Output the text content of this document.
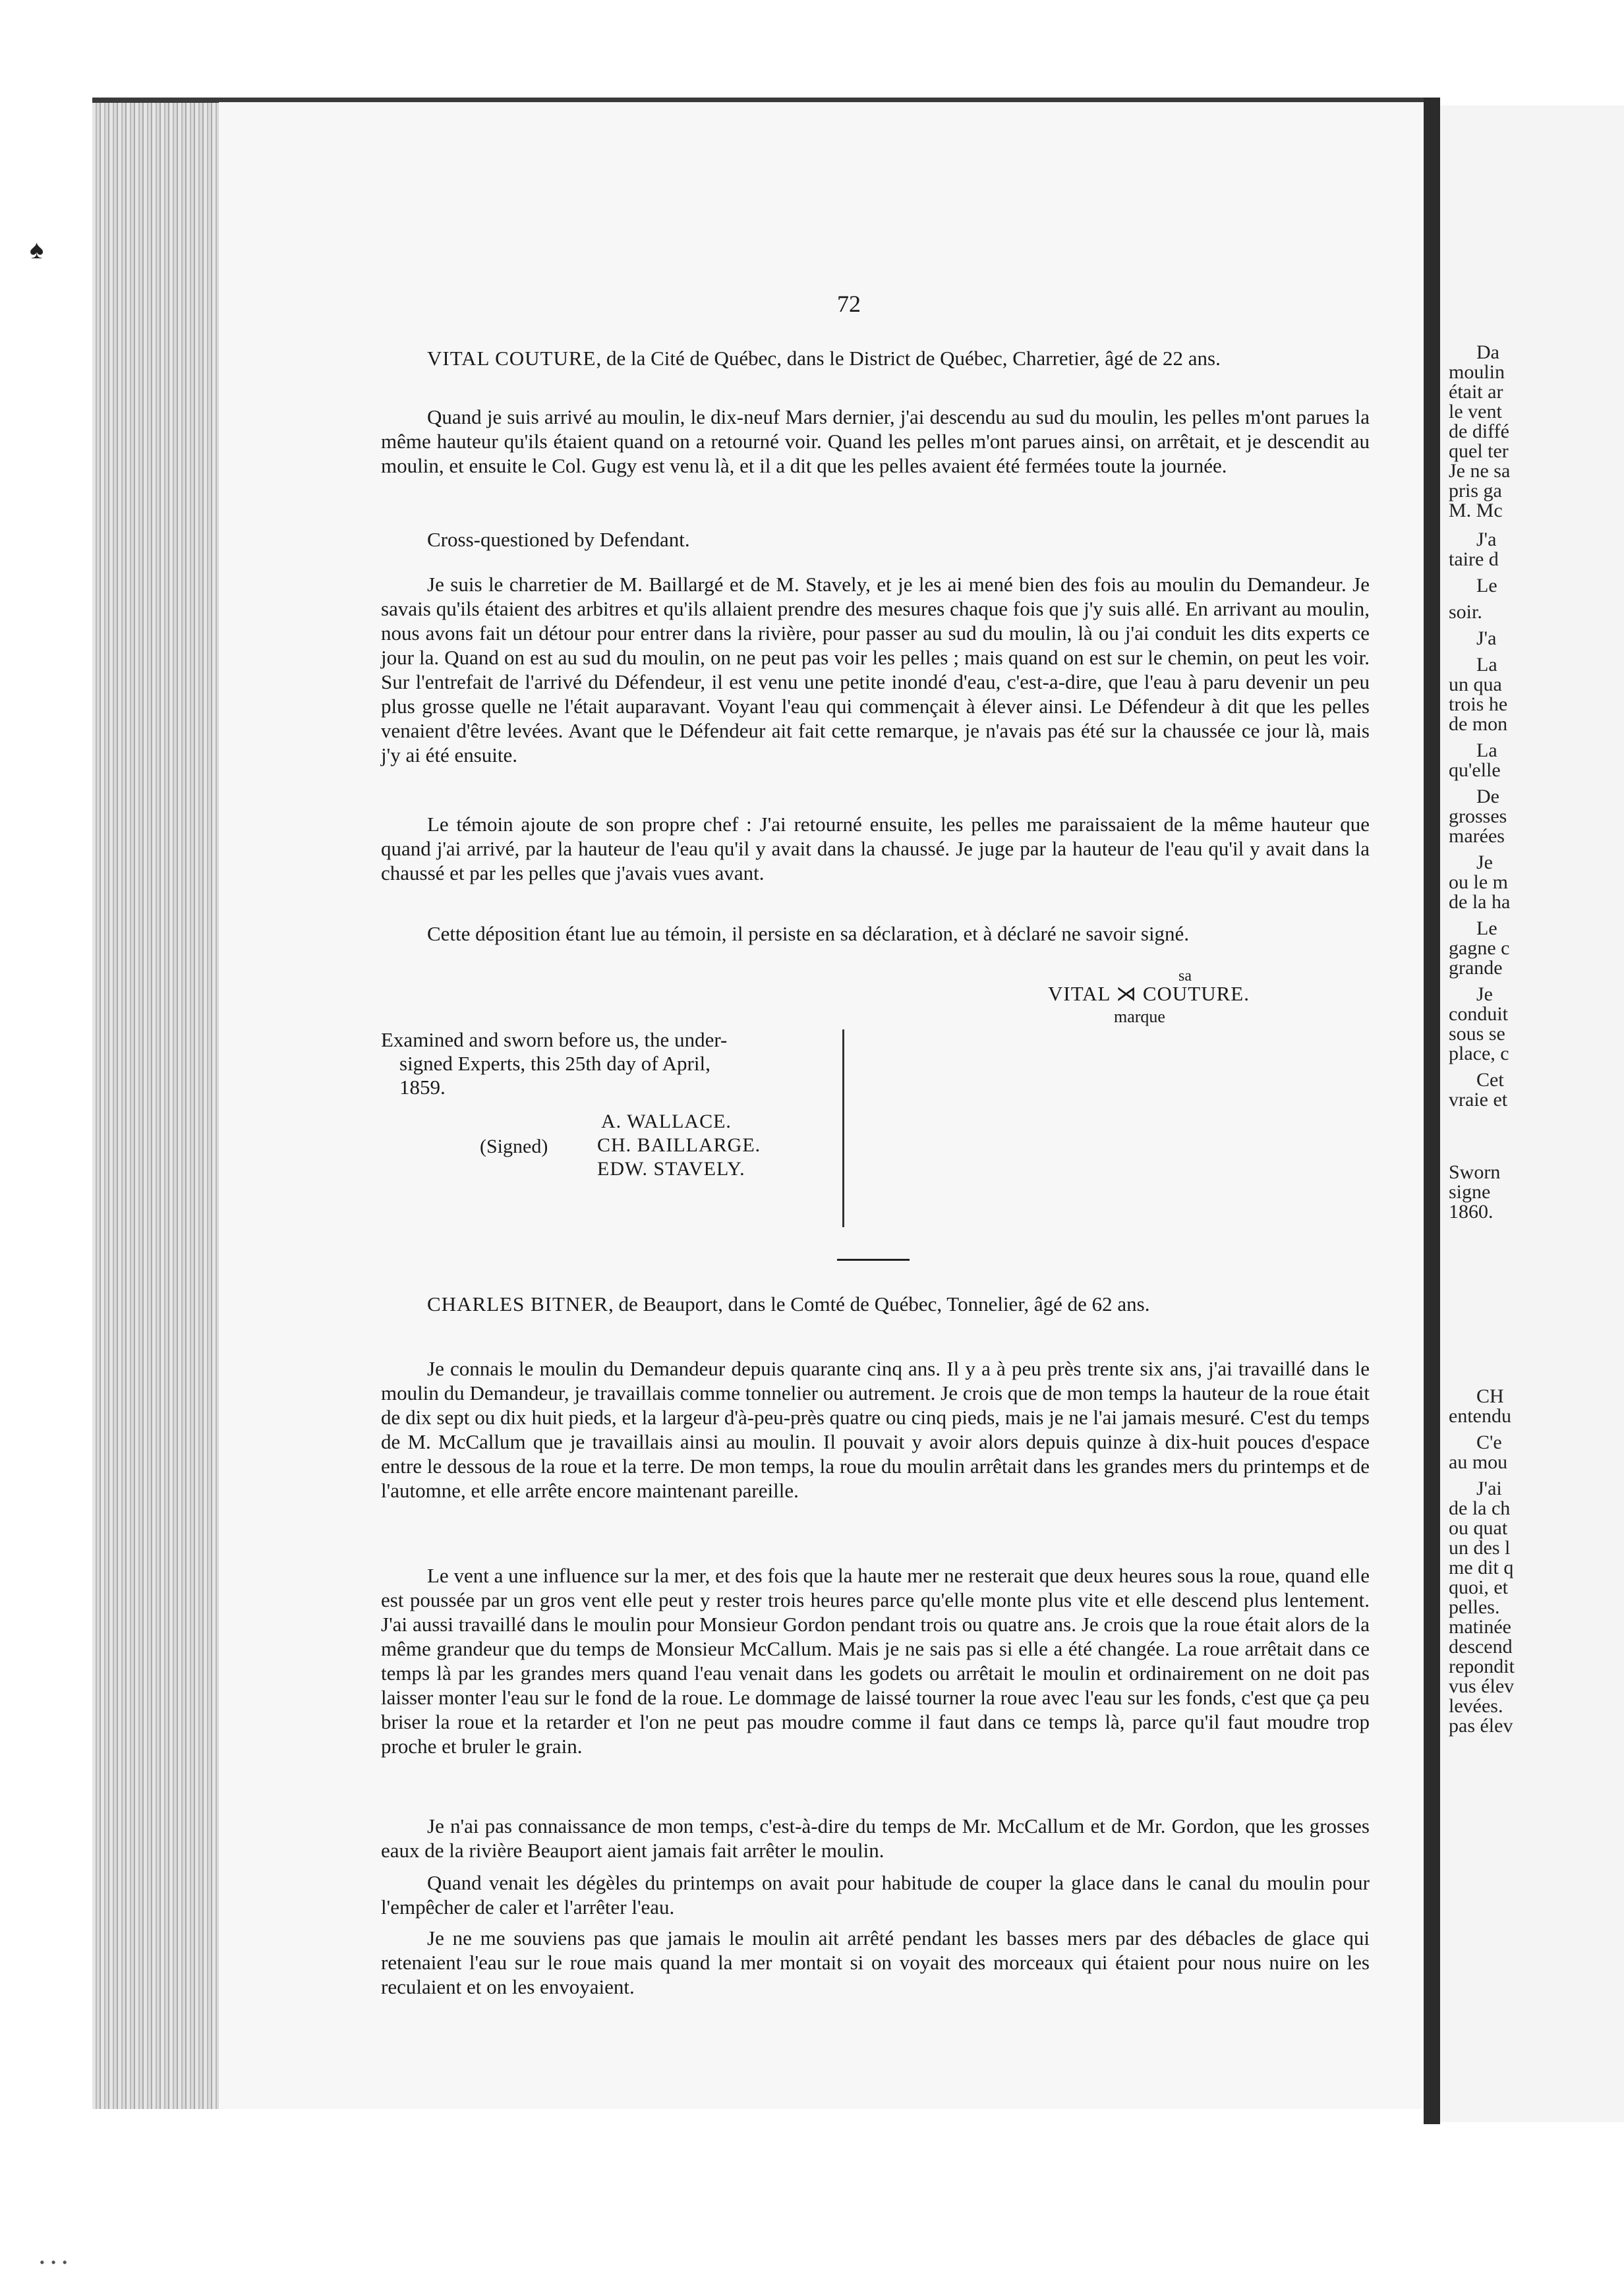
♠
72

VITAL COUTURE, de la Cité de Québec, dans le District de Québec, Charretier, âgé de 22 ans.

Quand je suis arrivé au moulin, le dix-neuf Mars dernier, j'ai descendu au sud du moulin, les pelles m'ont parues la même hauteur qu'ils étaient quand on a retourné voir. Quand les pelles m'ont parues ainsi, on arrêtait, et je descendit au moulin, et ensuite le Col. Gugy est venu là, et il a dit que les pelles avaient été fermées toute la journée.

Cross-questioned by Defendant.

Je suis le charretier de M. Baillargé et de M. Stavely, et je les ai mené bien des fois au moulin du Demandeur. Je savais qu'ils étaient des arbitres et qu'ils allaient prendre des mesures chaque fois que j'y suis allé. En arrivant au moulin, nous avons fait un détour pour entrer dans la rivière, pour passer au sud du moulin, là ou j'ai conduit les dits experts ce jour la. Quand on est au sud du moulin, on ne peut pas voir les pelles ; mais quand on est sur le chemin, on peut les voir. Sur l'entrefait de l'arrivé du Défendeur, il est venu une petite inondé d'eau, c'est-a-dire, que l'eau à paru devenir un peu plus grosse quelle ne l'était auparavant. Voyant l'eau qui commençait à élever ainsi. Le Défendeur à dit que les pelles venaient d'être levées. Avant que le Défendeur ait fait cette remarque, je n'avais pas été sur la chaussée ce jour là, mais j'y ai été ensuite.

Le témoin ajoute de son propre chef : J'ai retourné ensuite, les pelles me paraissaient de la même hauteur que quand j'ai arrivé, par la hauteur de l'eau qu'il y avait dans la chaussé. Je juge par la hauteur de l'eau qu'il y avait dans la chaussé et par les pelles que j'avais vues avant.

Cette déposition étant lue au témoin, il persiste en sa déclaration, et à déclaré ne savoir signé.

sa
VITAL ⋊ COUTURE.
marque
Examined and sworn before us, the under-
signed Experts, this 25th day of April,
1859.
(Signed)
A. WALLACE.
CH. BAILLARGE.
EDW. STAVELY.

CHARLES BITNER, de Beauport, dans le Comté de Québec, Tonnelier, âgé de 62 ans.

Je connais le moulin du Demandeur depuis quarante cinq ans. Il y a à peu près trente six ans, j'ai travaillé dans le moulin du Demandeur, je travaillais comme tonnelier ou autrement. Je crois que de mon temps la hauteur de la roue était de dix sept ou dix huit pieds, et la largeur d'à-peu-près quatre ou cinq pieds, mais je ne l'ai jamais mesuré. C'est du temps de M. McCallum que je travaillais ainsi au moulin. Il pouvait y avoir alors depuis quinze à dix-huit pouces d'espace entre le dessous de la roue et la terre. De mon temps, la roue du moulin arrêtait dans les grandes mers du printemps et de l'automne, et elle arrête encore maintenant pareille.

Le vent a une influence sur la mer, et des fois que la haute mer ne resterait que deux heures sous la roue, quand elle est poussée par un gros vent elle peut y rester trois heures parce qu'elle monte plus vite et elle descend plus lentement. J'ai aussi travaillé dans le moulin pour Monsieur Gordon pendant trois ou quatre ans. Je crois que la roue était alors de la même grandeur que du temps de Monsieur McCallum. Mais je ne sais pas si elle a été changée. La roue arrêtait dans ce temps là par les grandes mers quand l'eau venait dans les godets ou arrêtait le moulin et ordinairement on ne doit pas laisser monter l'eau sur le fond de la roue. Le dommage de laissé tourner la roue avec l'eau sur les fonds, c'est que ça peu briser la roue et la retarder et l'on ne peut pas moudre comme il faut dans ce temps là, parce qu'il faut moudre trop proche et bruler le grain.

Je n'ai pas connaissance de mon temps, c'est-à-dire du temps de Mr. McCallum et de Mr. Gordon, que les grosses eaux de la rivière Beauport aient jamais fait arrêter le moulin.

Quand venait les dégèles du printemps on avait pour habitude de couper la glace dans le canal du moulin pour l'empêcher de caler et l'arrêter l'eau.

Je ne me souviens pas que jamais le moulin ait arrêté pendant les basses mers par des débacles de glace qui retenaient l'eau sur le roue mais quand la mer montait si on voyait des morceaux qui étaient pour nous nuire on les reculaient et on les envoyaient.

Da
moulin
était ar
le vent
de diffé
quel ter
Je ne sa
pris ga
M. Mc
J'a
taire d
Le
soir.
J'a
La
un qua
trois he
de mon
La
qu'elle
De
grosses
marées
Je
ou le m
de la ha
Le
gagne c
grande
Je
conduit
sous se
place, c
Cet
vraie et
Sworn
signe
1860.
CH
entendu
C'e
au mou
J'ai
de la ch
ou quat
un des l
me dit q
quoi, et
pelles.
matinée
descend
repondit
vus élev
levées.
pas élev
• • •
